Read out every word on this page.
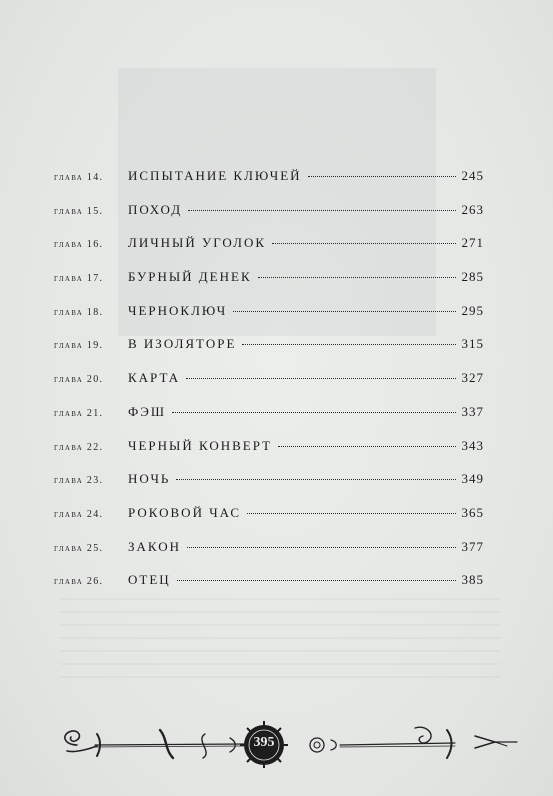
глава 14.	ИСПЫТАНИЕ КЛЮЧЕЙ	245
глава 15.	ПОХОД	263
глава 16.	ЛИЧНЫЙ УГОЛОК	271
глава 17.	БУРНЫЙ ДЕНЕК	285
глава 18.	ЧЕРНОКЛЮЧ	295
глава 19.	В ИЗОЛЯТОРЕ	315
глава 20.	КАРТА	327
глава 21.	ФЭШ	337
глава 22.	ЧЕРНЫЙ КОНВЕРТ	343
глава 23.	НОЧЬ	349
глава 24.	РОКОВОЙ ЧАС	365
глава 25.	ЗАКОН	377
глава 26.	ОТЕЦ	385
395
